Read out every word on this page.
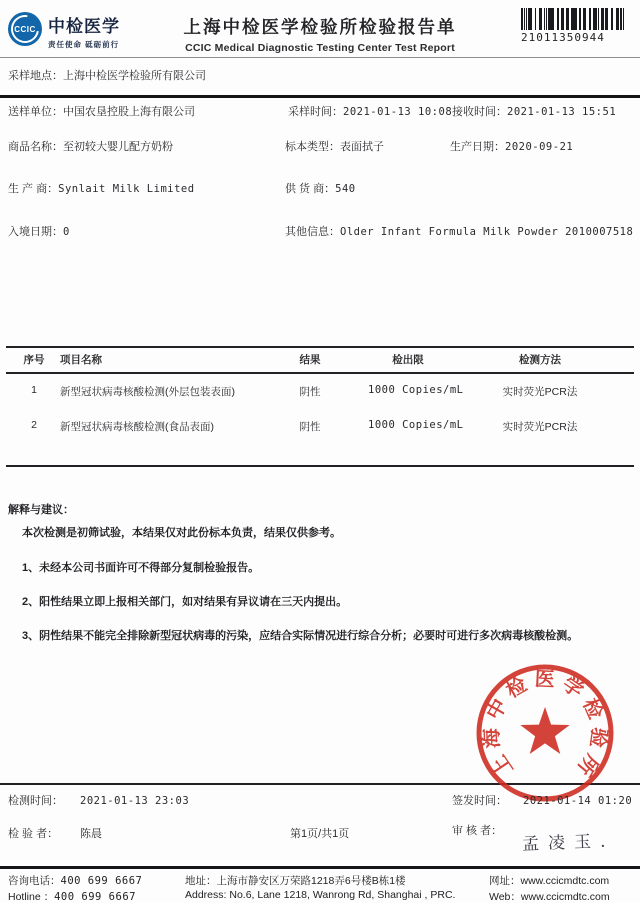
CCIC 中检医学
责任使命 砥砺前行
上海中检医学检验所检验报告单
CCIC Medical Diagnostic Testing Center Test Report
21011350944
采样地点：上海中检医学检验所有限公司
送样单位：中国农垦控股上海有限公司	采样时间：2021-01-13 10:08 接收时间：2021-01-13 15:51
商品名称：至初较大婴儿配方奶粉	标本类型：表面拭子	生产日期：2020-09-21
生 产 商：Synlait Milk Limited	供 货 商：540
入境日期：0	其他信息：Older Infant Formula Milk Powder 2010007518
序号	项目名称	结果	检出限	检测方法
1	新型冠状病毒核酸检测(外层包装表面)	阴性	1000 Copies/mL	实时荧光PCR法
2	新型冠状病毒核酸检测(食品表面)	阴性	1000 Copies/mL	实时荧光PCR法
解释与建议：
本次检测是初筛试验，本结果仅对此份标本负责，结果仅供参考。
1、未经本公司书面许可不得部分复制检验报告。
2、阳性结果立即上报相关部门，如对结果有异议请在三天内提出。
3、阴性结果不能完全排除新型冠状病毒的污染，应结合实际情况进行综合分析；必要时可进行多次病毒核酸检测。
上海中检医学检验所
检测时间： 2021-01-13 23:03	签发时间： 2021-01-14 01:20
检 验 者： 陈晨	第1页/共1页	审 核 者：
孟凌玉.
咨询电话：400 699 6667	地址：上海市静安区万荣路1218弄6号楼B栋1楼	网址：www.ccicmdtc.com
Hotline ：400 699 6667	Address: No.6, Lane 1218, Wanrong Rd, Shanghai , PRC.	Web：www.ccicmdtc.com
